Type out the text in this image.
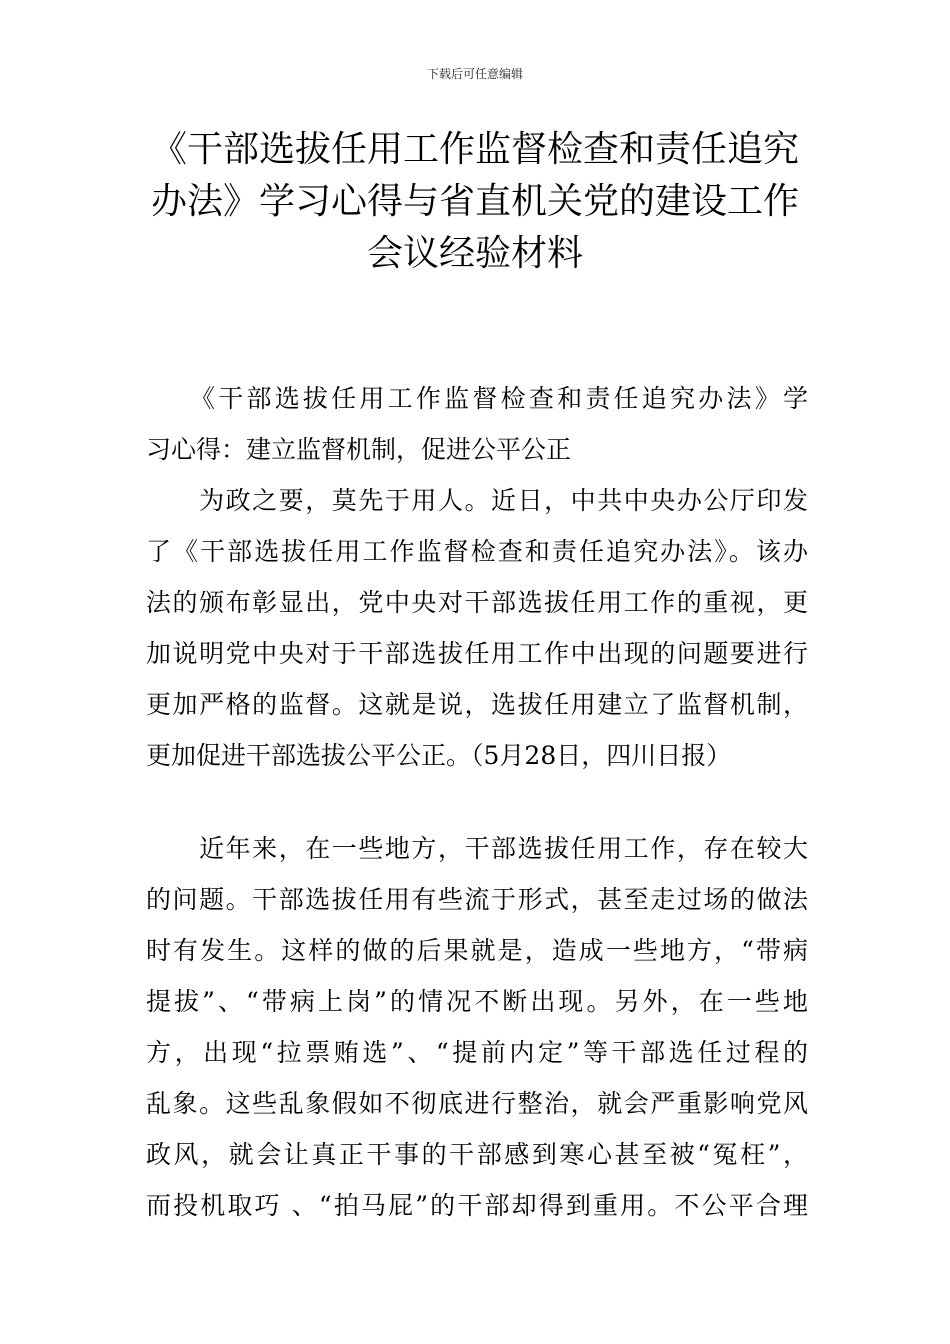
下载后可任意编辑
《干部选拔任用工作监督检查和责任追究
办法》学习心得与省直机关党的建设工作
会议经验材料
　　《干部选拔任用工作监督检查和责任追究办法》学
习心得：建立监督机制，促进公平公正
　　为政之要，莫先于用人。近日，中共中央办公厅印发
了《干部选拔任用工作监督检查和责任追究办法》。该办
法的颁布彰显出，党中央对干部选拔任用工作的重视，更
加说明党中央对于干部选拔任用工作中出现的问题要进行
更加严格的监督。这就是说，选拔任用建立了监督机制，
更加促进干部选拔公平公正。（5月28日，四川日报）
　　近年来，在一些地方，干部选拔任用工作，存在较大
的问题。干部选拔任用有些流于形式，甚至走过场的做法
时有发生。这样的做的后果就是，造成一些地方，“带病
提拔”、“带病上岗”的情况不断出现。另外，在一些地
方，出现“拉票贿选”、“提前内定”等干部选任过程的
乱象。这些乱象假如不彻底进行整治，就会严重影响党风
政风，就会让真正干事的干部感到寒心甚至被“冤枉”，
而投机取巧 、“拍马屁”的干部却得到重用。不公平合理
